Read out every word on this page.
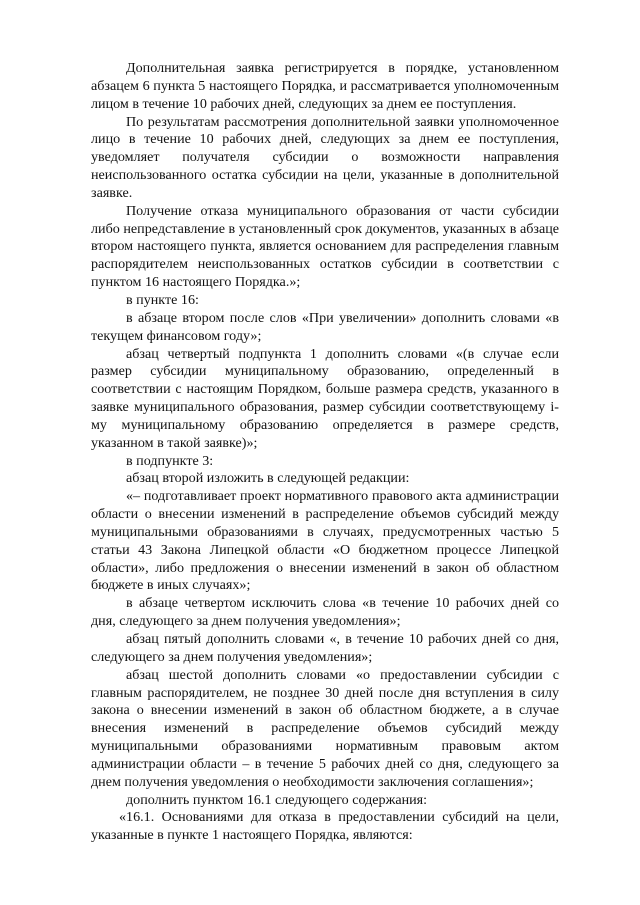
Дополнительная заявка регистрируется в порядке, установленном абзацем 6 пункта 5 настоящего Порядка, и рассматривается уполномоченным лицом в течение 10 рабочих дней, следующих за днем ее поступления.

По результатам рассмотрения дополнительной заявки уполномоченное лицо в течение 10 рабочих дней, следующих за днем ее поступления, уведомляет получателя субсидии о возможности направления неиспользованного остатка субсидии на цели, указанные в дополнительной заявке.

Получение отказа муниципального образования от части субсидии либо непредставление в установленный срок документов, указанных в абзаце втором настоящего пункта, является основанием для распределения главным распорядителем неиспользованных остатков субсидии в соответствии с пунктом 16 настоящего Порядка.»;

в пункте 16:

в абзаце втором после слов «При увеличении» дополнить словами «в текущем финансовом году»;

абзац четвертый подпункта 1 дополнить словами «(в случае если размер субсидии муниципальному образованию, определенный в соответствии с настоящим Порядком, больше размера средств, указанного в заявке муниципального образования, размер субсидии соответствующему i-му муниципальному образованию определяется в размере средств, указанном в такой заявке)»;

в подпункте 3:

абзац второй изложить в следующей редакции:

«– подготавливает проект нормативного правового акта администрации области о внесении изменений в распределение объемов субсидий между муниципальными образованиями в случаях, предусмотренных частью 5 статьи 43 Закона Липецкой области «О бюджетном процессе Липецкой области», либо предложения о внесении изменений в закон об областном бюджете в иных случаях»;

в абзаце четвертом исключить слова «в течение 10 рабочих дней со дня, следующего за днем получения уведомления»;

абзац пятый дополнить словами «, в течение 10 рабочих дней со дня, следующего за днем получения уведомления»;

абзац шестой дополнить словами «о предоставлении субсидии с главным распорядителем, не позднее 30 дней после дня вступления в силу закона о внесении изменений в закон об областном бюджете, а в случае внесения изменений в распределение объемов субсидий между муниципальными образованиями нормативным правовым актом администрации области – в течение 5 рабочих дней со дня, следующего за днем получения уведомления о необходимости заключения соглашения»;

дополнить пунктом 16.1 следующего содержания:

«16.1. Основаниями для отказа в предоставлении субсидий на цели, указанные в пункте 1 настоящего Порядка, являются:
